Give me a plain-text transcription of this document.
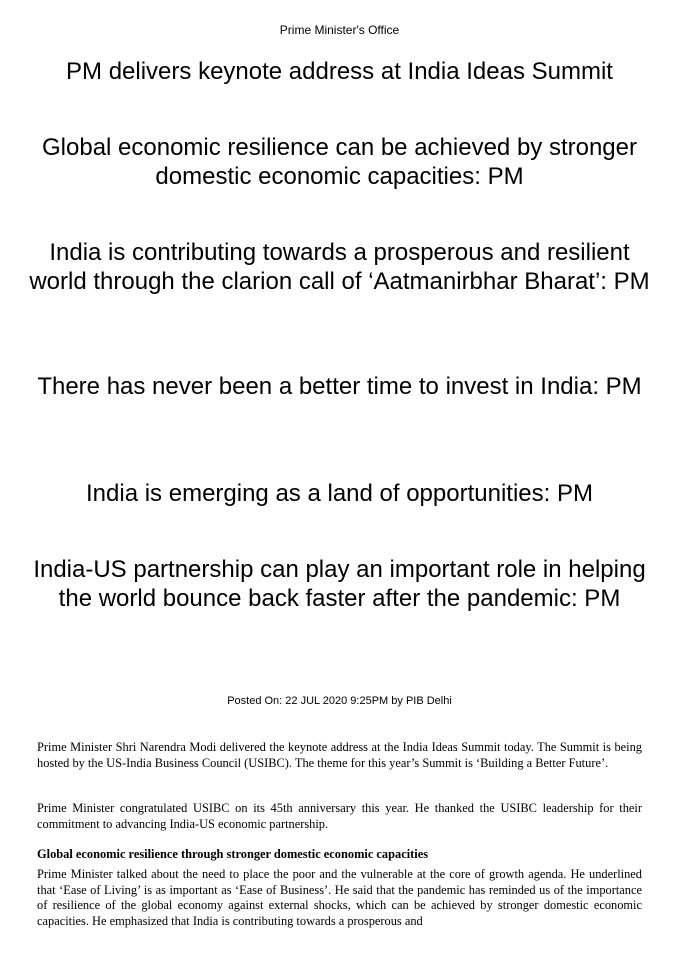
Prime Minister's Office
PM delivers keynote address at India Ideas Summit
Global economic resilience can be achieved by stronger domestic economic capacities: PM
India is contributing towards a prosperous and resilient world through the clarion call of ‘Aatmanirbhar Bharat’: PM
There has never been a better time to invest in India: PM
India is emerging as a land of opportunities: PM
India-US partnership can play an important role in helping the world bounce back faster after the pandemic: PM
Posted On: 22 JUL 2020 9:25PM by PIB Delhi

Prime Minister Shri Narendra Modi delivered the keynote address at the India Ideas Summit today. The Summit is being hosted by the US-India Business Council (USIBC). The theme for this year’s Summit is ‘Building a Better Future’.

Prime Minister congratulated USIBC on its 45th anniversary this year. He thanked the USIBC leadership for their commitment to advancing India-US economic partnership.

Global economic resilience through stronger domestic economic capacities

Prime Minister talked about the need to place the poor and the vulnerable at the core of growth agenda. He underlined that ‘Ease of Living’ is as important as ‘Ease of Business’. He said that the pandemic has reminded us of the importance of resilience of the global economy against external shocks, which can be achieved by stronger domestic economic capacities. He emphasized that India is contributing towards a prosperous and
